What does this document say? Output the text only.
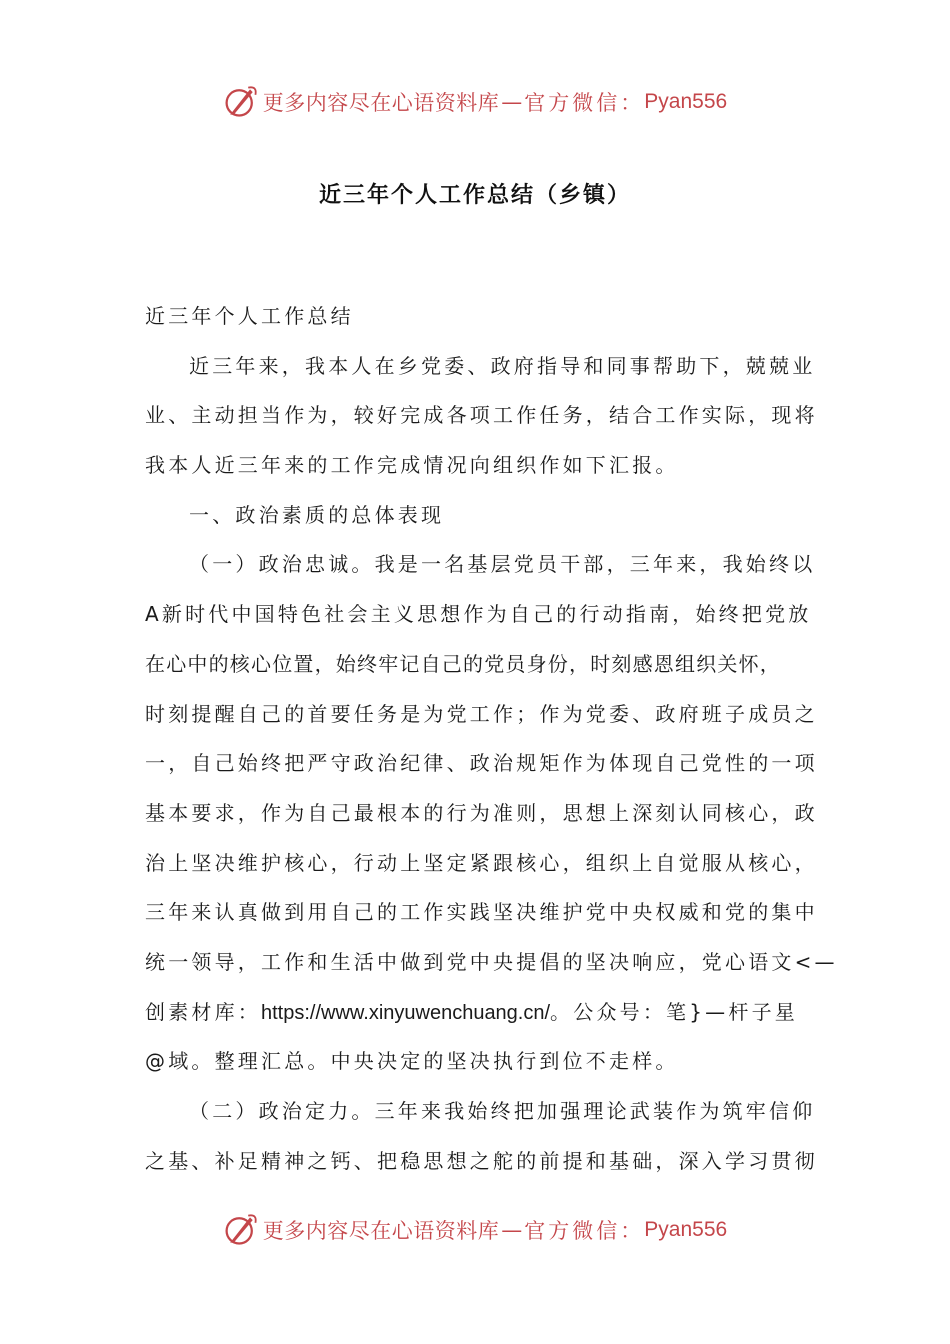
更多内容尽在心语资料库 — 官方微信： Pyan556
近三年个人工作总结（乡镇）
近三年个人工作总结
近三年来，我本人在乡党委、政府指导和同事帮助下，兢兢业
业、主动担当作为，较好完成各项工作任务，结合工作实际，现将
我本人近三年来的工作完成情况向组织作如下汇报。
一、政治素质的总体表现
（一）政治忠诚。我是一名基层党员干部，三年来，我始终以
A新时代中国特色社会主义思想作为自己的行动指南，始终把党放
在心中的核心位置，始终牢记自己的党员身份，时刻感恩组织关怀，
时刻提醒自己的首要任务是为党工作；作为党委、政府班子成员之
一，自己始终把严守政治纪律、政治规矩作为体现自己党性的一项
基本要求，作为自己最根本的行为准则，思想上深刻认同核心，政
治上坚决维护核心，行动上坚定紧跟核心，组织上自觉服从核心，
三年来认真做到用自己的工作实践坚决维护党中央权威和党的集中
统一领导，工作和生活中做到党中央提倡的坚决响应，党心语文<—
创素材库：https://www.xinyuwenchuang.cn/。公众号：笔}—杆子星
@域。整理汇总。中央决定的坚决执行到位不走样。
（二）政治定力。三年来我始终把加强理论武装作为筑牢信仰
之基、补足精神之钙、把稳思想之舵的前提和基础，深入学习贯彻
更多内容尽在心语资料库 — 官方微信： Pyan556
